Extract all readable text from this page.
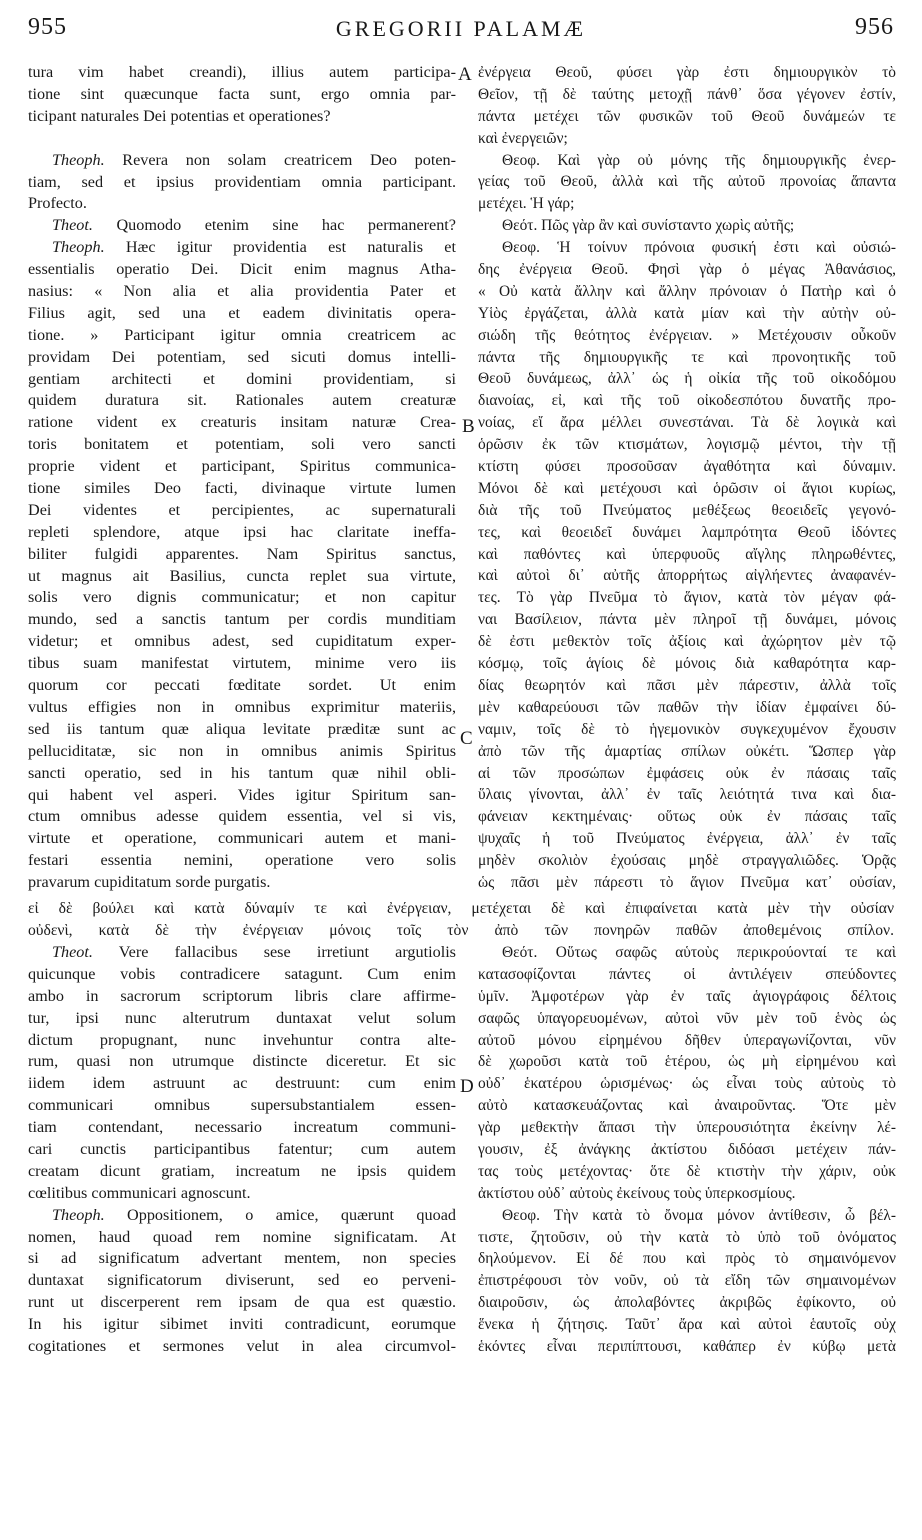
955	GREGORII PALAMÆ	956
tura vim habet creandi), illius autem participa-
tione sint quæcunque facta sunt, ergo omnia par-
ticipant naturales Dei potentias et operationes?
Theoph. Revera non solam creatricem Deo poten-
tiam, sed et ipsius providentiam omnia participant.
Profecto.
Theot. Quomodo etenim sine hac permanerent?
Theoph. Hæc igitur providentia est naturalis et
essentialis operatio Dei. Dicit enim magnus Atha-
nasius: « Non alia et alia providentia Pater et
Filius agit, sed una et eadem divinitatis opera-
tione. » Participant igitur omnia creatricem ac
providam Dei potentiam, sed sicuti domus intelli-
gentiam architecti et domini providentiam, si
quidem duratura sit. Rationales autem creaturæ
ratione vident ex creaturis insitam naturæ Crea-
toris bonitatem et potentiam, soli vero sancti
proprie vident et participant, Spiritus communica-
tione similes Deo facti, divinaque virtute lumen
Dei videntes et percipientes, ac supernaturali
repleti splendore, atque ipsi hac claritate ineffa-
biliter fulgidi apparentes. Nam Spiritus sanctus,
ut magnus ait Basilius, cuncta replet sua virtute,
solis vero dignis communicatur; et non capitur
mundo, sed a sanctis tantum per cordis munditiam
videtur; et omnibus adest, sed cupiditatum exper-
tibus suam manifestat virtutem, minime vero iis
quorum cor peccati fœditate sordet. Ut enim
vultus effigies non in omnibus exprimitur materiis,
sed iis tantum quæ aliqua levitate præditæ sunt ac
pelluciditatæ, sic non in omnibus animis Spiritus
sancti operatio, sed in his tantum quæ nihil obli-
qui habent vel asperi. Vides igitur Spiritum san-
ctum omnibus adesse quidem essentia, vel si vis,
virtute et operatione, communicari autem et mani-
festari essentia nemini, operatione vero solis
pravarum cupiditatum sorde purgatis.
ἐνέργεια Θεοῦ, φύσει γὰρ ἐστι δημιουργικὸν τὸ
Θεῖον, τῇ δὲ ταύτης μετοχῇ πάνθ᾽ ὅσα γέγονεν ἐστίν,
πάντα μετέχει τῶν φυσικῶν τοῦ Θεοῦ δυνάμεών τε
καὶ ἐνεργειῶν;
Θεοφ. Καὶ γὰρ οὐ μόνης τῆς δημιουργικῆς ἐνερ-
γείας τοῦ Θεοῦ, ἀλλὰ καὶ τῆς αὐτοῦ προνοίας ἅπαντα
μετέχει. Ἡ γάρ;
Θεότ. Πῶς γὰρ ἂν καὶ συνίσταντο χωρὶς αὐτῆς;
Θεοφ. Ἡ τοίνυν πρόνοια φυσική ἐστι καὶ οὐσιώ-
δης ἐνέργεια Θεοῦ. Φησὶ γὰρ ὁ μέγας Ἀθανάσιος,
« Οὐ κατὰ ἄλλην καὶ ἄλλην πρόνοιαν ὁ Πατὴρ καὶ ὁ
Υἱὸς ἐργάζεται, ἀλλὰ κατὰ μίαν καὶ τὴν αὐτὴν οὐ-
σιώδη τῆς θεότητος ἐνέργειαν. » Μετέχουσιν οὖκοῦν
πάντα τῆς δημιουργικῆς τε καὶ προνοητικῆς τοῦ
Θεοῦ δυνάμεως, ἀλλ᾽ ὡς ἡ οἰκία τῆς τοῦ οἰκοδόμου
διανοίας, εἰ, καὶ τῆς τοῦ οἰκοδεσπότου δυνατῆς προ-
νοίας, εἴ ἄρα μέλλει συνεστάναι. Τὰ δὲ λογικὰ καὶ
ὁρῶσιν ἐκ τῶν κτισμάτων, λογισμῷ μέντοι, τὴν τῇ
κτίστη φύσει προσοῦσαν ἀγαθότητα καὶ δύναμιν.
Μόνοι δὲ καὶ μετέχουσι καὶ ὁρῶσιν οἱ ἅγιοι κυρίως,
διὰ τῆς τοῦ Πνεύματος μεθέξεως θεοειδεῖς γεγονό-
τες, καὶ θεοειδεῖ δυνάμει λαμπρότητα Θεοῦ ἰδόντες
καὶ παθόντες καὶ ὑπερφυοῦς αἴγλης πληρωθέντες,
καὶ αὐτοὶ δι᾽ αὐτῆς ἀπορρήτως αἰγλήεντες ἀναφανέν-
τες. Τὸ γὰρ Πνεῦμα τὸ ἅγιον, κατὰ τὸν μέγαν φά-
ναι Βασίλειον, πάντα μὲν πληροῖ τῇ δυνάμει, μόνοις
δὲ ἐστι μεθεκτὸν τοῖς ἀξίοις καὶ ἀχώρητον μὲν τῷ
κόσμῳ, τοῖς ἁγίοις δὲ μόνοις διὰ καθαρότητα καρ-
δίας θεωρητόν καὶ πᾶσι μὲν πάρεστιν, ἀλλὰ τοῖς
μὲν καθαρεύουσι τῶν παθῶν τὴν ἰδίαν ἐμφαίνει δύ-
ναμιν, τοῖς δὲ τὸ ἡγεμονικὸν συγκεχυμένον ἔχουσιν
ἀπὸ τῶν τῆς ἁμαρτίας σπίλων οὐκέτι. Ὥσπερ γὰρ
αἱ τῶν προσώπων ἐμφάσεις οὐκ ἐν πάσαις ταῖς
ὕλαις γίνονται, ἀλλ᾽ ἐν ταῖς λειότητά τινα καὶ δια-
φάνειαν κεκτημέναις· οὕτως οὐκ ἐν πάσαις ταῖς
ψυχαῖς ἡ τοῦ Πνεύματος ἐνέργεια, ἀλλ᾽ ἐν ταῖς
μηδὲν σκολιὸν ἐχούσαις μηδὲ στραγγαλιῶδες. Ὁρᾷς
ὡς πᾶσι μὲν πάρεστι τὸ ἅγιον Πνεῦμα κατ᾽ οὐσίαν,
εἰ δὲ βούλει καὶ κατὰ δύναμίν τε καὶ ἐνέργειαν, μετέχεται δὲ καὶ ἐπιφαίνεται κατὰ μὲν τὴν οὐσίαν
οὐδενὶ, κατὰ δὲ τὴν ἐνέργειαν μόνοις τοῖς τὸν ἀπὸ τῶν πονηρῶν παθῶν ἀποθεμένοις σπίλον.
Theot. Vere fallacibus sese irretiunt argutiolis
quicunque vobis contradicere satagunt. Cum enim
ambo in sacrorum scriptorum libris clare affirme-
tur, ipsi nunc alterutrum duntaxat velut solum
dictum propugnant, nunc invehuntur contra alte-
rum, quasi non utrumque distincte diceretur. Et sic
iidem idem astruunt ac destruunt: cum enim
communicari omnibus supersubstantialem essen-
tiam contendant, necessario increatum communi-
cari cunctis participantibus fatentur; cum autem
creatam dicunt gratiam, increatum ne ipsis quidem
cœlitibus communicari agnoscunt.
Theoph. Oppositionem, o amice, quærunt quoad
nomen, haud quoad rem nomine significatam. At
si ad significatum advertant mentem, non species
duntaxat significatorum diviserunt, sed eo perveni-
runt ut discerperent rem ipsam de qua est quæstio.
In his igitur sibimet inviti contradicunt, eorumque
cogitationes et sermones velut in alea circumvol-
Θεότ. Οὕτως σαφῶς αὑτοὺς περικρούονταί τε καὶ
κατασοφίζονται πάντες οἱ ἀντιλέγειν σπεύδοντες
ὑμῖν. Ἀμφοτέρων γὰρ ἐν ταῖς ἁγιογράφοις δέλτοις
σαφῶς ὑπαγορευομένων, αὐτοὶ νῦν μὲν τοῦ ἑνὸς ὡς
αὐτοῦ μόνου εἰρημένου δῆθεν ὑπεραγωνίζονται, νῦν
δὲ χωροῦσι κατὰ τοῦ ἑτέρου, ὡς μὴ εἰρημένου καὶ
οὐδ᾽ ἑκατέρου ὡρισμένως· ὡς εἶναι τοὺς αὐτοὺς τὸ
αὐτὸ κατασκευάζοντας καὶ ἀναιροῦντας. Ὅτε μὲν
γὰρ μεθεκτὴν ἅπασι τὴν ὑπερουσιότητα ἐκείνην λέ-
γουσιν, ἐξ ἀνάγκης ἀκτίστου διδόασι μετέχειν πάν-
τας τοὺς μετέχοντας· ὅτε δὲ κτιστὴν τὴν χάριν, οὐκ
ἀκτίστου οὐδ᾽ αὐτοὺς ἐκείνους τοὺς ὑπερκοσμίους.
Θεοφ. Τὴν κατὰ τὸ ὄνομα μόνον ἀντίθεσιν, ὦ βέλ-
τιστε, ζητοῦσιν, οὐ τὴν κατὰ τὸ ὑπὸ τοῦ ὀνόματος
δηλούμενον. Εἰ δέ που καὶ πρὸς τὸ σημαινόμενον
ἐπιστρέφουσι τὸν νοῦν, οὐ τὰ εἴδη τῶν σημαινομένων
διαιροῦσιν, ὡς ἀπολαβόντες ἀκριβῶς ἐφίκοντο, οὐ
ἕνεκα ἡ ζήτησις. Ταῦτ᾽ ἄρα καὶ αὐτοὶ ἑαυτοῖς οὐχ
ἑκόντες εἶναι περιπίπτουσι, καθάπερ ἐν κύβῳ μετὰ
A
B
C
D
